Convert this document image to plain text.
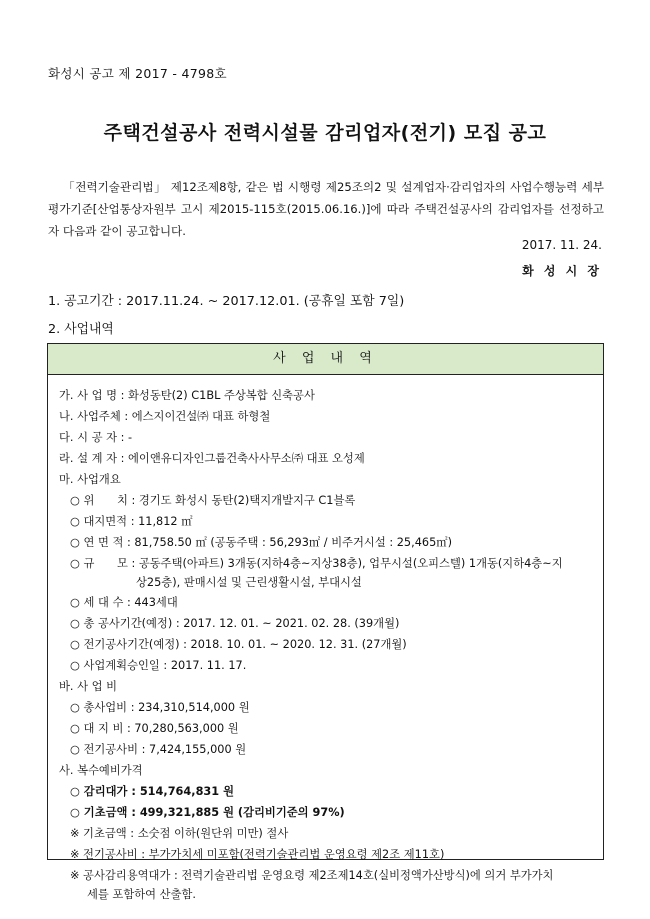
화성시 공고 제 2017 - 4798호
주택건설공사 전력시설물 감리업자(전기) 모집 공고

「전력기술관리법」 제12조제8항, 같은 법 시행령 제25조의2 및 설계업자·감리업자의 사업수행능력 세부평가기준[산업통상자원부 고시 제2015-115호(2015.06.16.)]에 따라 주택건설공사의 감리업자를 선정하고자 다음과 같이 공고합니다.

2017. 11. 24.
화 성 시 장
1. 공고기간 : 2017.11.24. ~ 2017.12.01. (공휴일 포함 7일)
2. 사업내역
사 업 내 역
가. 사 업 명 : 화성동탄(2) C1BL 주상복합 신축공사
나. 사업주체 : 에스지이건설㈜ 대표 하형철
다. 시 공 자 : -
라. 설 계 자 : 에이앤유디자인그룹건축사사무소㈜ 대표 오성제
마. 사업개요
○ 위　　치 : 경기도 화성시 동탄(2)택지개발지구 C1블록
○ 대지면적 : 11,812 ㎡
○ 연 면 적 : 81,758.50 ㎡ (공동주택 : 56,293㎡ / 비주거시설 : 25,465㎡)
○ 규　　모 : 공동주택(아파트) 3개동(지하4층~지상38층), 업무시설(오피스텔) 1개동(지하4층~지
상25층), 판매시설 및 근린생활시설, 부대시설
○ 세 대 수 : 443세대
○ 총 공사기간(예정) : 2017. 12. 01. ~ 2021. 02. 28. (39개월)
○ 전기공사기간(예정) : 2018. 10. 01. ~ 2020. 12. 31. (27개월)
○ 사업계획승인일 : 2017. 11. 17.
바. 사 업 비
○ 총사업비 : 234,310,514,000 원
○ 대 지 비 : 70,280,563,000 원
○ 전기공사비 : 7,424,155,000 원
사. 복수예비가격
○ 감리대가 : 514,764,831 원
○ 기초금액 : 499,321,885 원 (감리비기준의 97%)
※ 기초금액 : 소숫점 이하(원단위 미만) 절사
※ 전기공사비 : 부가가치세 미포함(전력기술관리법 운영요령 제2조 제11호)
※ 공사감리용역대가 : 전력기술관리법 운영요령 제2조제14호(실비정액가산방식)에 의거 부가가치
세를 포함하여 산출함.
